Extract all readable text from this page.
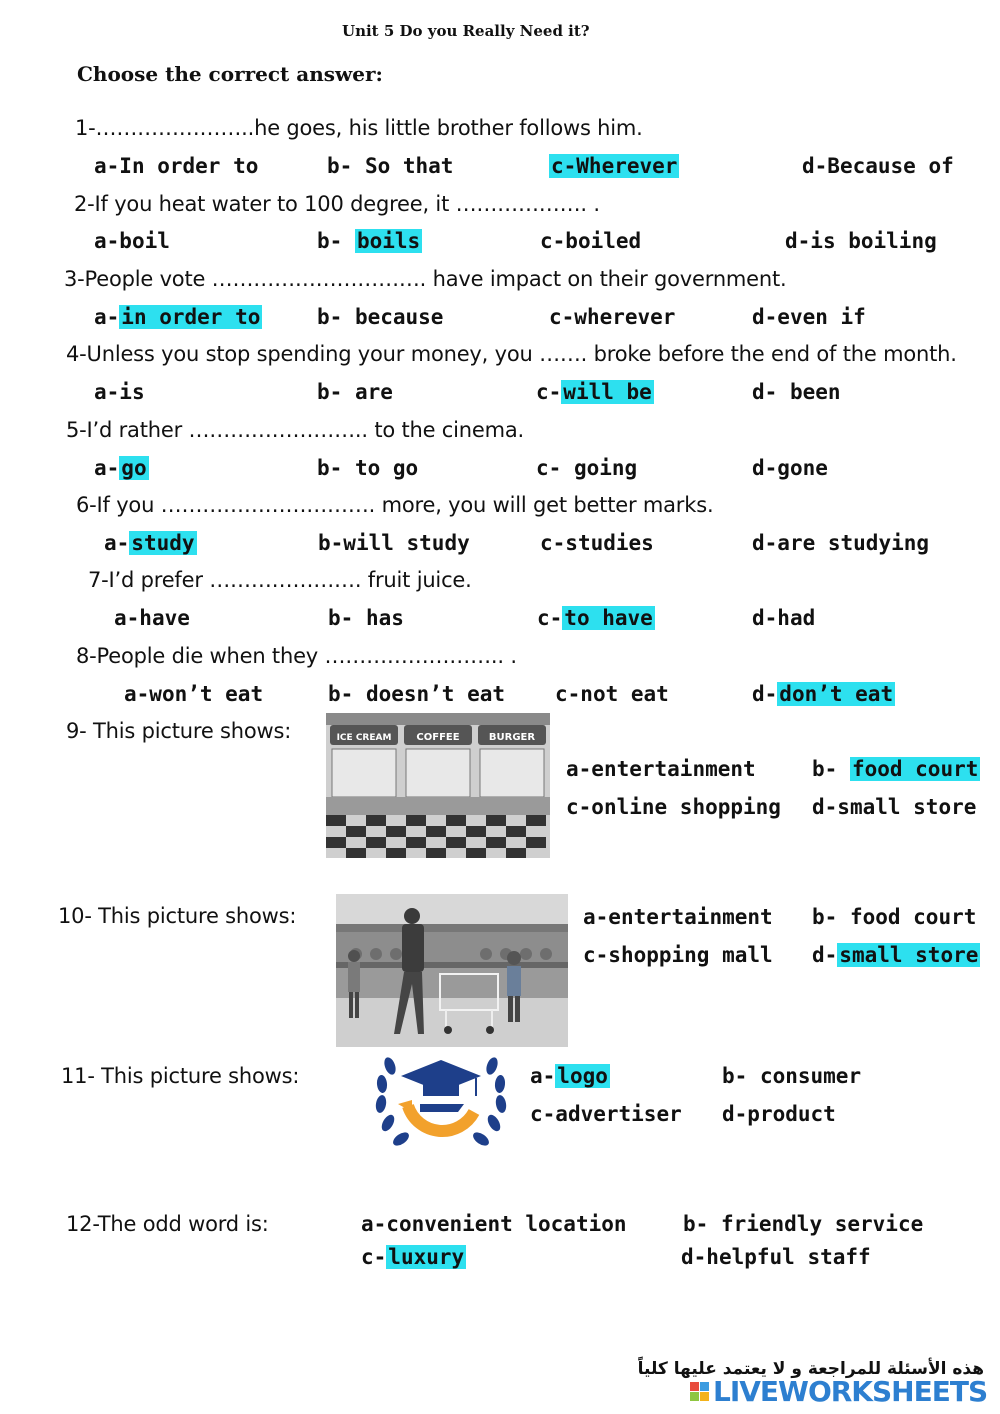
Unit 5 Do you Really Need it?
Choose the correct answer:
1-…………………..he goes, his little brother follows him.
a-In order to	b- So that	c-Wherever	d-Because of
2-If you heat water to 100 degree, it ………………. .
a-boil	b- boils	c-boiled	d-is boiling
3-People vote …………………………. have impact on their government.
a-in order to	b- because	c-wherever	d-even if
4-Unless you stop spending your money, you ……. broke before the end of the month.
a-is	b- are	c-will be	d- been
5-I’d rather …………………….. to the cinema.
a-go	b- to go	c- going	d-gone
6-If you …………………………. more, you will get better marks.
a-study	b-will study	c-studies	d-are studying
7-I’d prefer …………………. fruit juice.
a-have	b- has	c-to have	d-had
8-People die when they …………………….. .
a-won’t eat	b- doesn’t eat c-not eat	d-don’t eat
9- This picture shows:	ICE CREAM COFFEE	BURGER
a-entertainment	b- food court
c-online shopping d-small store
10- This picture shows:	a-entertainment b- food court
c-shopping mall d-small store
11- This picture shows:	a-logo	b- consumer
c-advertiser d-product
12-The odd word is:	a-convenient location	b- friendly service
c-luxury	d-helpful staff
هذه الأسئلة للمراجعة و لا يعتمد عليها كلياً
LIVEWORKSHEETS
